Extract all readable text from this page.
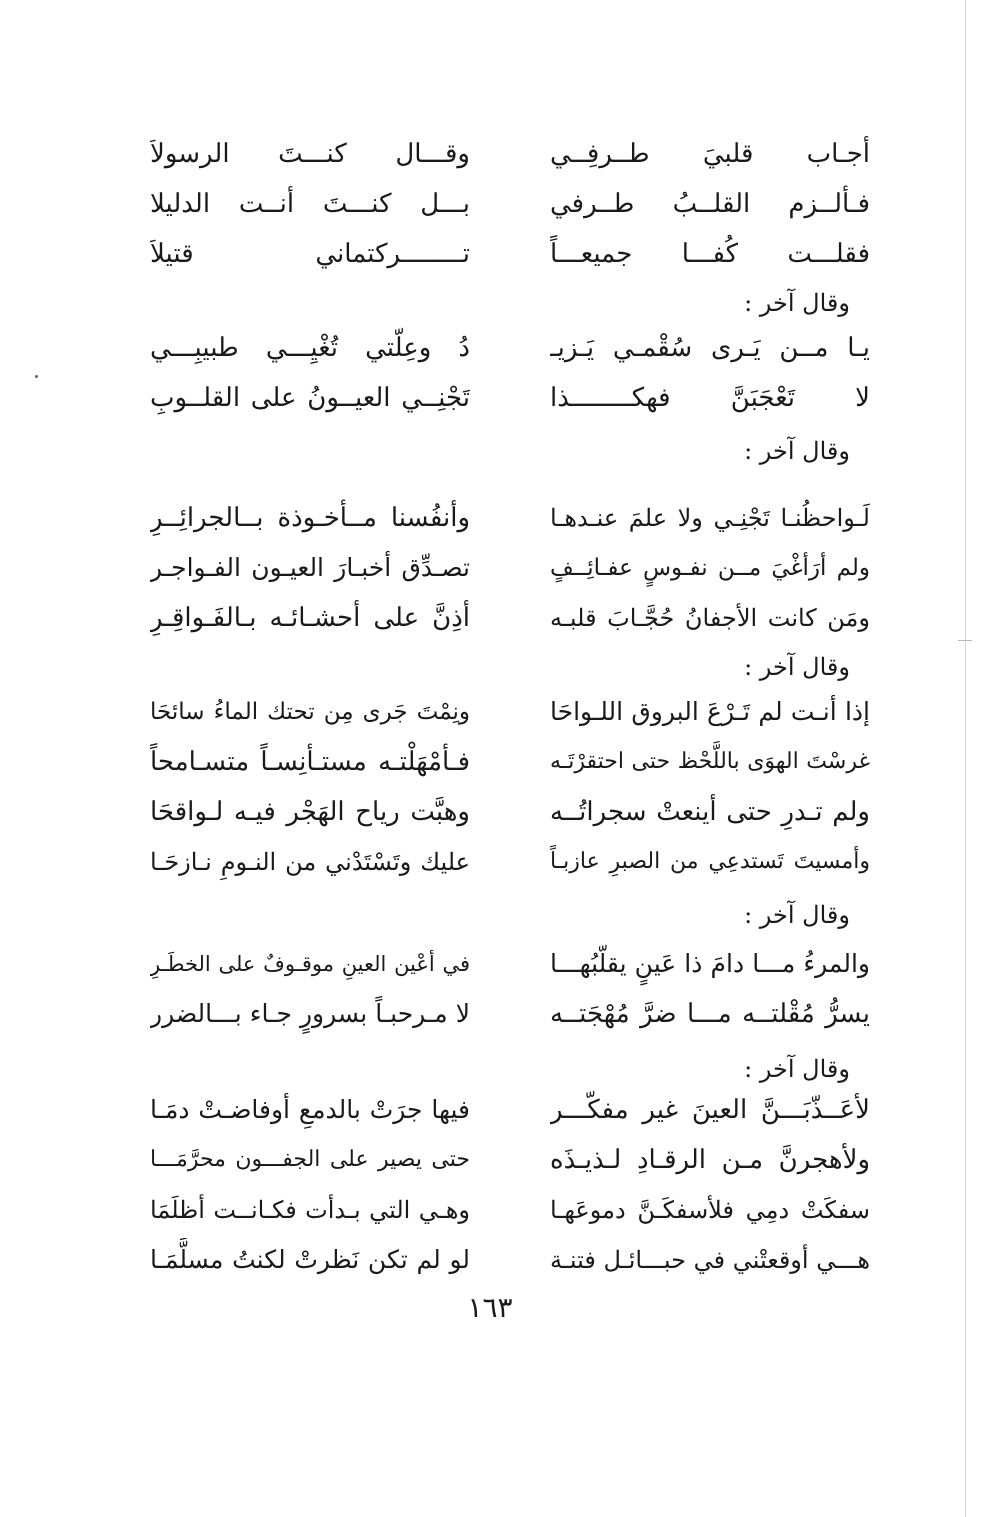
أجـاب قلبيَ طــرفِــي
وقـــال كنـــتَ الرسولاَ
فـألــزم القلــبُ طــرفي
بـــل كنـــتَ أنــت الدليلا
فقلـــت كُفـــا جميعـــاً
تــــــــركتماني قتيلاَ
وقال آخر :
يـا مــن يَـرى سُقْمـي يَـزيـ
دُ وعِلّتي تُغْيِـــي طبيبِـــي
لا تَعْجَبَنَّ فهكــــــــذا
تَجْنِــي العيــونُ على القلــوبِ
وقال آخر :
لَـواحظُنـا تَجْنِـي ولا علمَ عنـدهـا
وأنفُسنا مــأخـوذة بــالجرائِــرِ
ولم أرَأغْيَ مــن نفـوسٍ عفـائِــفٍ
تصـدِّق أخبـارَ العيـون الفـواجـر
ومَن كانت الأجفانُ حُجَّـابَ قلبـه
أذِنَّ على أحشـائـه بـالفَـواقِـرِ
وقال آخر :
إذا أنـت لم تَـرْعَ البروق اللـواحَا
ونِمْتَ جَرى مِن تحتك الماءُ سائحَا
غرسْتَ الهوَى باللَّحْظ حتى احتقرْتَـه
فـأمْهَلْتـه مستـأنِسـاً متسـامحاً
ولم تـدرِ حتى أينعتْ سجراتُــه
وهبَّت رياح الهَجْر فيـه لـواقحَا
وأمسيتَ تَستدعِي من الصبرِ عازبـاً
عليك وتَسْتَدْني من النـومِ نـازحَـا
وقال آخر :
والمرءُ مـــا دامَ ذا عَينٍ يقلّبُهـــا
في أعْين العينِ موقـوفٌ على الخطَـرِ
يسرُّ مُقْلتــه مـــا ضرَّ مُهْجَتــه
لا مـرحبـاً بسرورٍ جـاء بـــالضرر
وقال آخر :
لأعَــذّبَـــنَّ العينَ غير مفكّـــر
فيها جرَتْ بالدمعِ أوفاضـتْ دمَـا
ولأهجرنَّ مـن الرقـادِ لـذيـذَه
حتى يصير على الجفـــون محرَّمَـــا
سفكَتْ دمِي فلأسفكَـنَّ دموعَهـا
وهـي التي بـدأت فكـانــت أظلَمَا
هـــي أوقعتْني في حبـــائـل فتنـة
لو لم تكن نَظرتْ لكنتُ مسلَّمَـا
١٦٣
